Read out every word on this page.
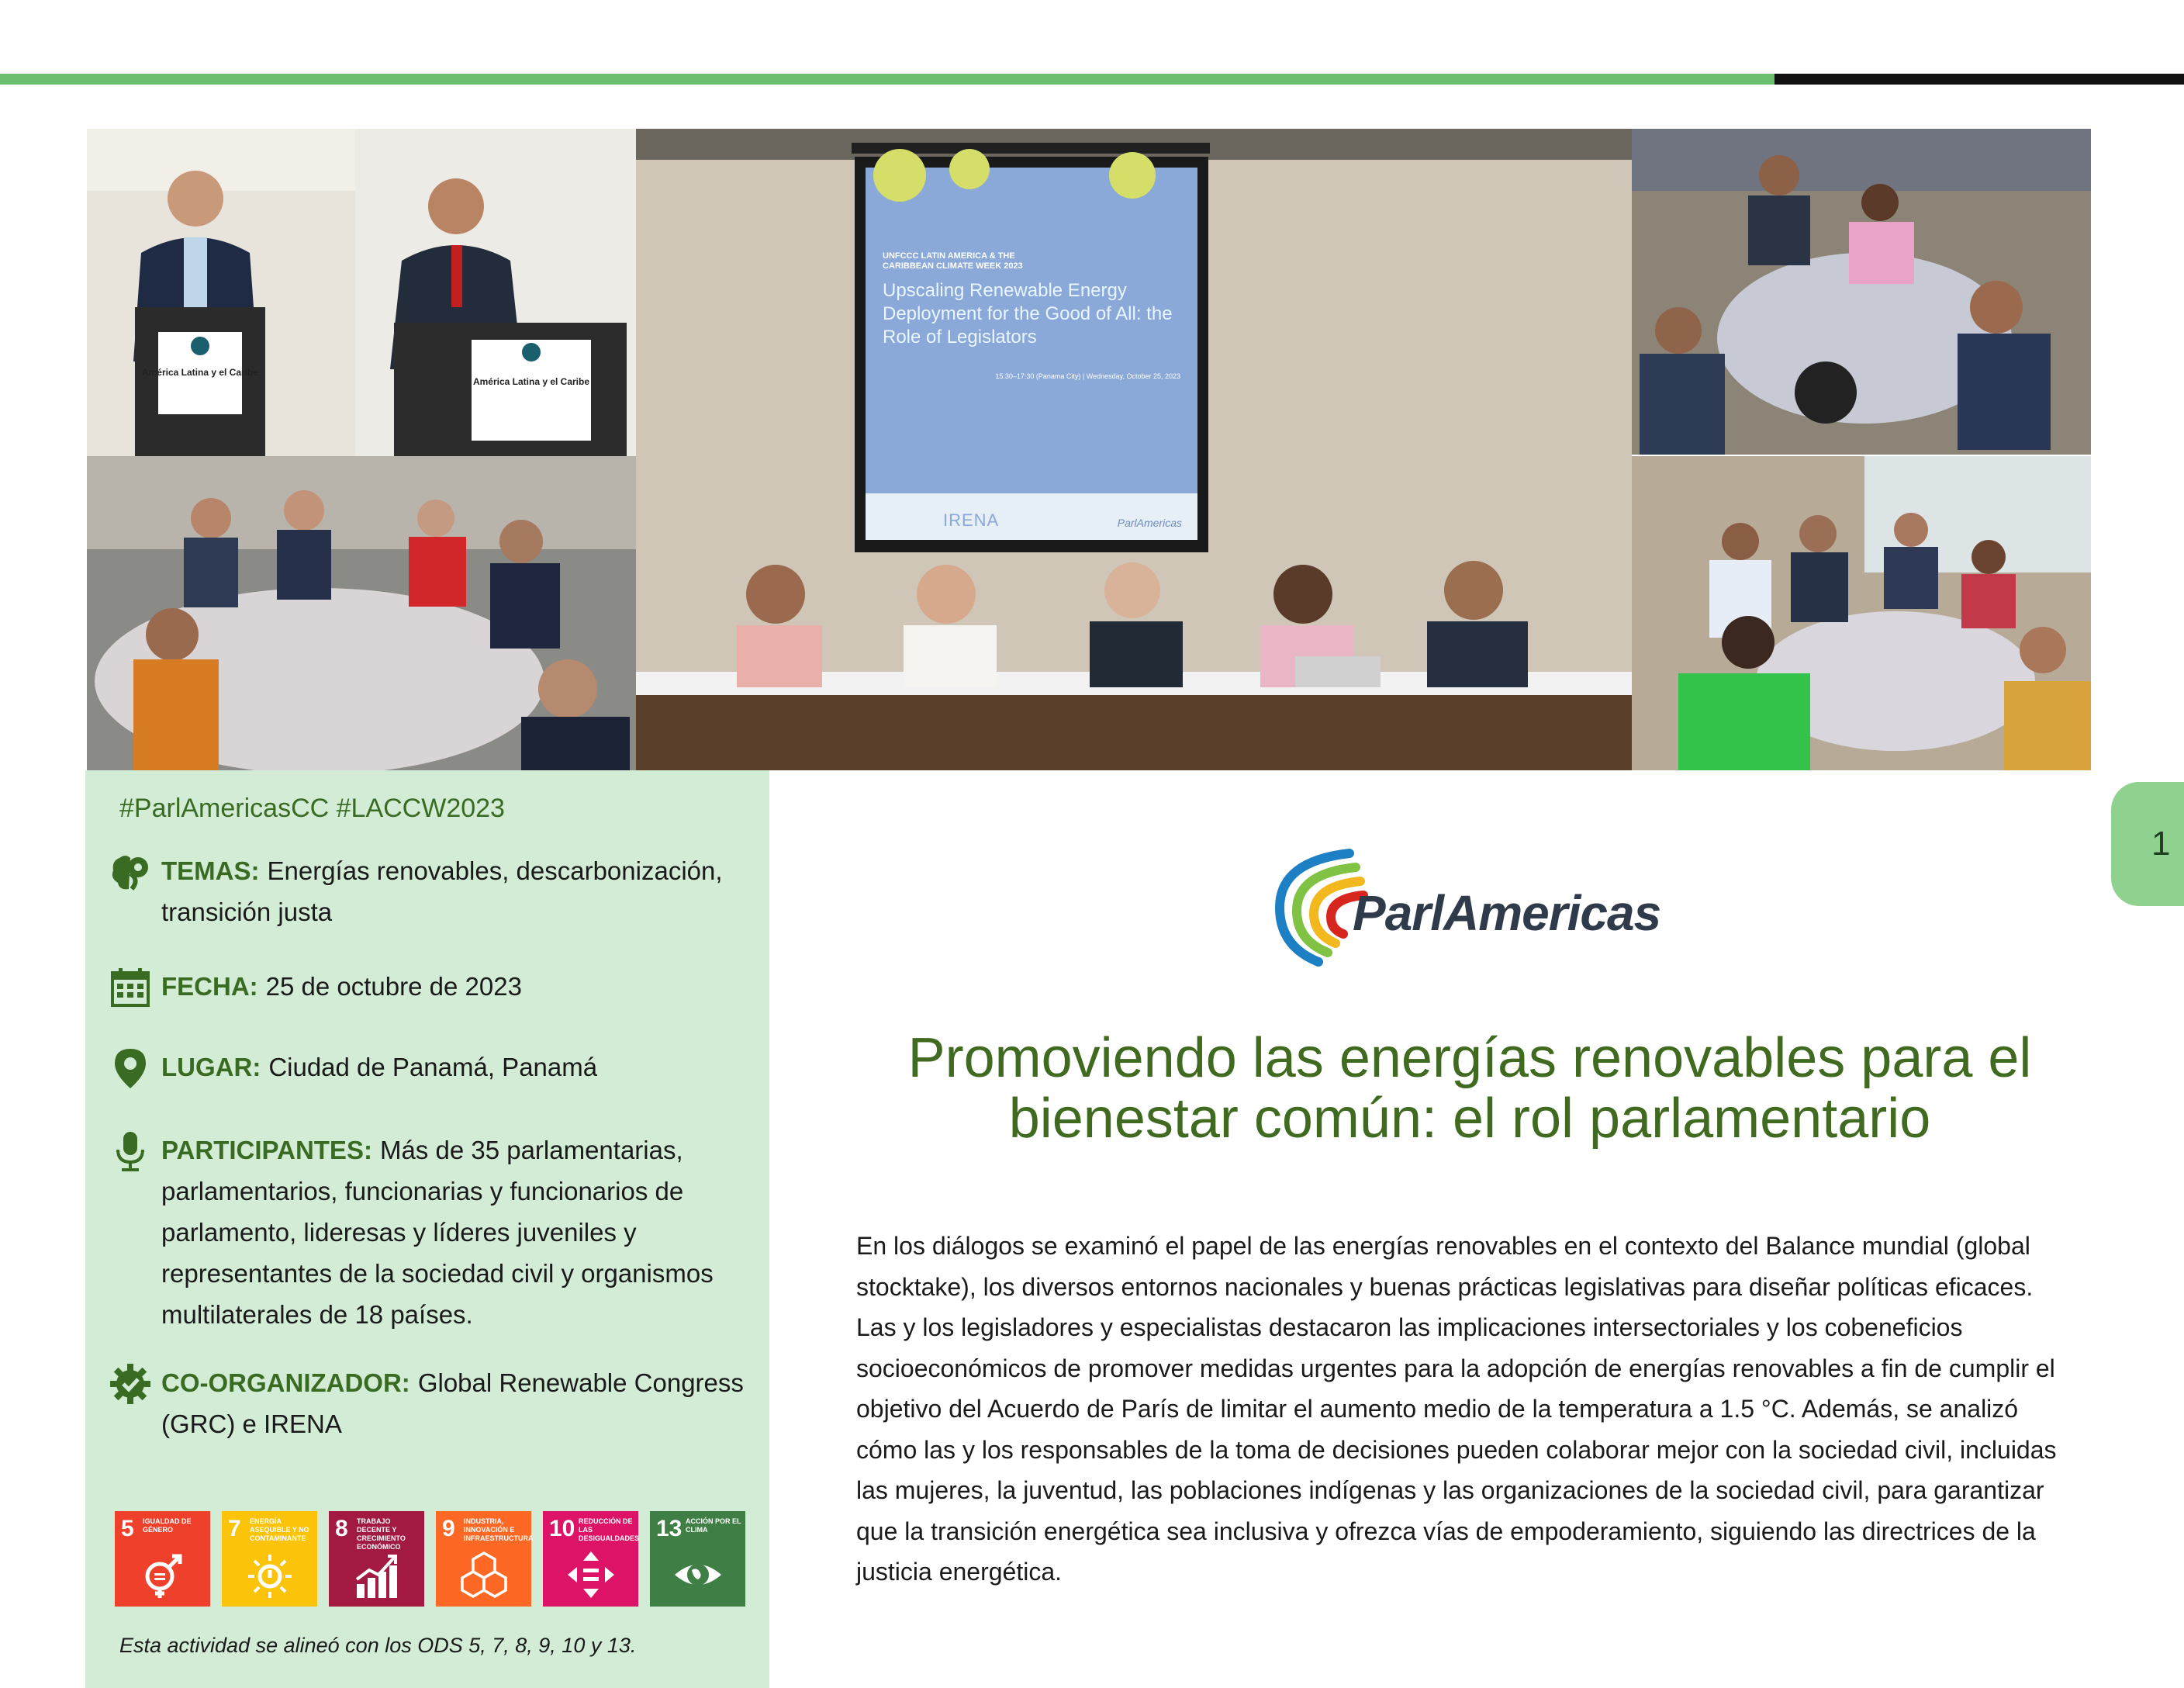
América Latina y el Caribe
América Latina y el Caribe
UNFCCC LATIN AMERICA & THE CARIBBEAN CLIMATE WEEK 2023
Upscaling Renewable Energy Deployment for the Good of All: the Role of Legislators
15:30–17:30 (Panama City) | Wednesday, October 25, 2023
IRENA	ParlAmericas
1
#ParlAmericasCC #LACCW2023
TEMAS: Energías renovables, descarbonización,
transición justa
FECHA: 25 de octubre de 2023
LUGAR: Ciudad de Panamá, Panamá
PARTICIPANTES: Más de 35 parlamentarias,
parlamentarios, funcionarias y funcionarios de
parlamento, lideresas y líderes juveniles y
representantes de la sociedad civil y organismos
multilaterales de 18 países.
CO-ORGANIZADOR: Global Renewable Congress
(GRC) e IRENA
5 IGUALDAD DE GÉNERO	7 ENERGÍA ASEQUIBLE Y NO CONTAMINANTE	8 TRABAJO DECENTE Y CRECIMIENTO ECONÓMICO
9 INDUSTRIA, INNOVACIÓN E INFRAESTRUCTURA 10 REDUCCIÓN DE LAS DESIGUALDADES 13 ACCIÓN POR EL CLIMA
Esta actividad se alineó con los ODS 5, 7, 8, 9, 10 y 13.
ParlAmericas
Promoviendo las energías renovables para el
bienestar común: el rol parlamentario
En los diálogos se examinó el papel de las energías renovables en el contexto del Balance mundial (global stocktake), los diversos entornos nacionales y buenas prácticas legislativas para diseñar políticas eficaces. Las y los legisladores y especialistas destacaron las implicaciones intersectoriales y los cobeneficios socioeconómicos de promover medidas urgentes para la adopción de energías renovables a fin de cumplir el objetivo del Acuerdo de París de limitar el aumento medio de la temperatura a 1.5 °C. Además, se analizó cómo las y los responsables de la toma de decisiones pueden colaborar mejor con la sociedad civil, incluidas las mujeres, la juventud, las poblaciones indígenas y las organizaciones de la sociedad civil, para garantizar que la transición energética sea inclusiva y ofrezca vías de empoderamiento, siguiendo las directrices de la justicia energética.
